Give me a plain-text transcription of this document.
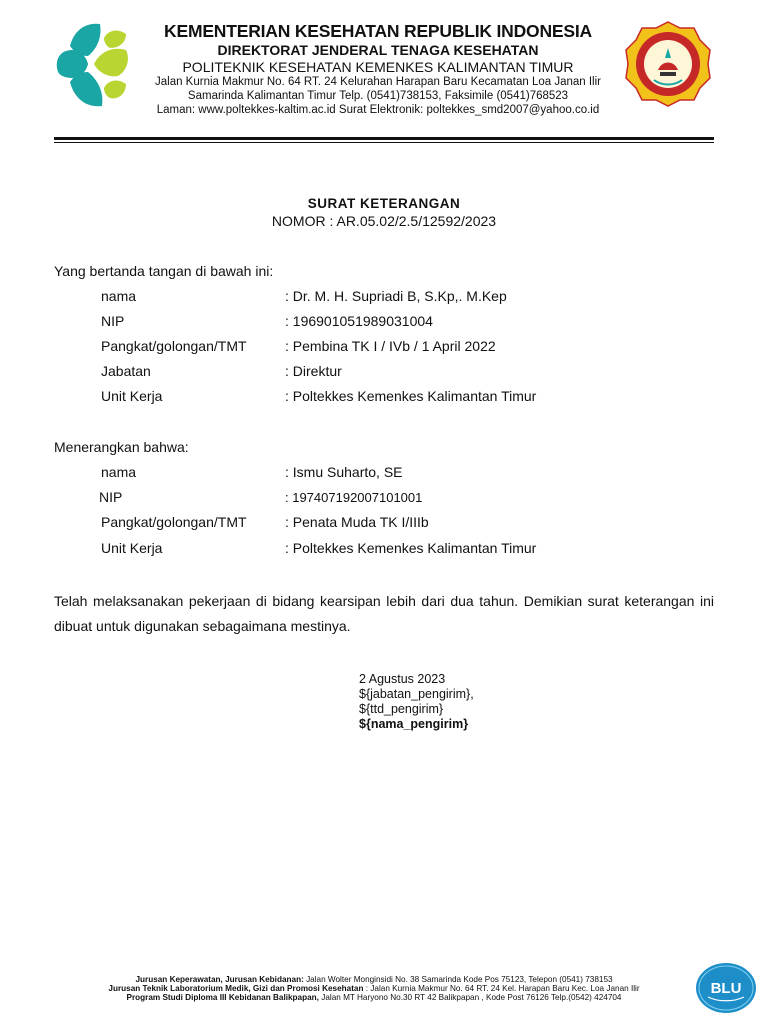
KEMENTERIAN KESEHATAN REPUBLIK INDONESIA
DIREKTORAT JENDERAL TENAGA KESEHATAN
POLITEKNIK KESEHATAN KEMENKES KALIMANTAN TIMUR
Jalan Kurnia Makmur No. 64 RT. 24 Kelurahan Harapan Baru Kecamatan Loa Janan Ilir
Samarinda Kalimantan Timur Telp. (0541)738153, Faksimile (0541)768523
Laman: www.poltekkes-kaltim.ac.id Surat Elektronik: poltekkes_smd2007@yahoo.co.id
SURAT KETERANGAN
NOMOR : AR.05.02/2.5/12592/2023
Yang bertanda tangan di bawah ini:
nama	: Dr. M. H. Supriadi B, S.Kp,. M.Kep
NIP	: 196901051989031004
Pangkat/golongan/TMT	: Pembina TK I / IVb / 1 April 2022
Jabatan	: Direktur
Unit Kerja	: Poltekkes Kemenkes Kalimantan Timur
Menerangkan bahwa:
nama	: Ismu Suharto, SE
NIP	: 197407192007101001
Pangkat/golongan/TMT	: Penata Muda TK I/IIIb
Unit Kerja	: Poltekkes Kemenkes Kalimantan Timur
Telah melaksanakan pekerjaan di bidang kearsipan lebih dari dua tahun. Demikian surat keterangan ini dibuat untuk digunakan sebagaimana mestinya.
2 Agustus 2023
${jabatan_pengirim},
${ttd_pengirim}
${nama_pengirim}
Jurusan Keperawatan, Jurusan Kebidanan: Jalan Wolter Monginsidi No. 38 Samarinda Kode Pos 75123, Telepon (0541) 738153
Jurusan Teknik Laboratorium Medik, Gizi dan Promosi Kesehatan : Jalan Kurnia Makmur No. 64 RT. 24 Kel. Harapan Baru Kec. Loa Janan Ilir
Program Studi Diploma III Kebidanan Balikpapan, Jalan MT Haryono No.30 RT 42 Balikpapan , Kode Post 76126 Telp.(0542) 424704
BLU
